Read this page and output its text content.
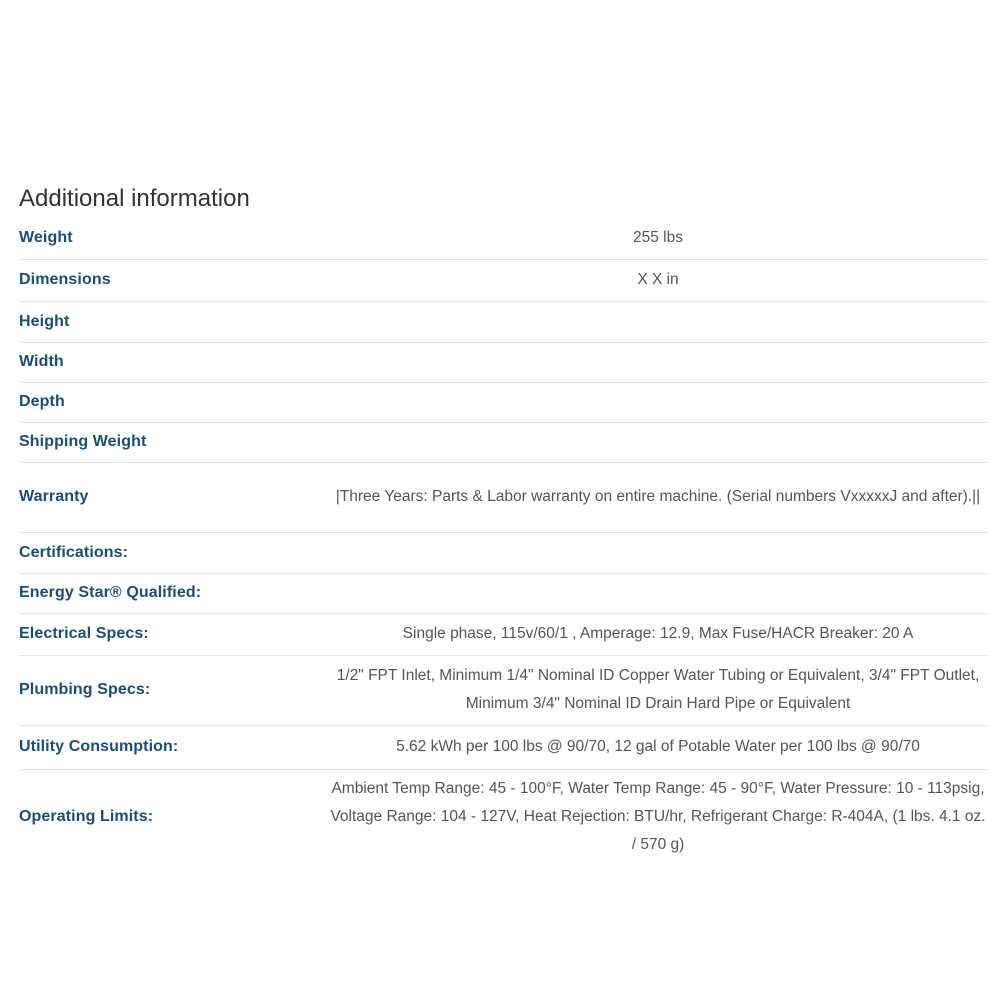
Additional information
Weight	255 lbs
Dimensions	X X in
Height	
Width	
Depth	
Shipping Weight	
Warranty	|Three Years: Parts & Labor warranty on entire machine. (Serial numbers VxxxxxJ and after).||
Certifications:	
Energy Star® Qualified:	
Electrical Specs:	Single phase, 115v/60/1 , Amperage: 12.9, Max Fuse/HACR Breaker: 20 A
Plumbing Specs:	1/2" FPT Inlet, Minimum 1/4" Nominal ID Copper Water Tubing or Equivalent, 3/4" FPT Outlet, Minimum 3/4" Nominal ID Drain Hard Pipe or Equivalent
Utility Consumption:	5.62 kWh per 100 lbs @ 90/70, 12 gal of Potable Water per 100 lbs @ 90/70
Operating Limits:	Ambient Temp Range: 45 - 100°F, Water Temp Range: 45 - 90°F, Water Pressure: 10 - 113psig, Voltage Range: 104 - 127V, Heat Rejection: BTU/hr, Refrigerant Charge: R-404A, (1 lbs. 4.1 oz. / 570 g)
